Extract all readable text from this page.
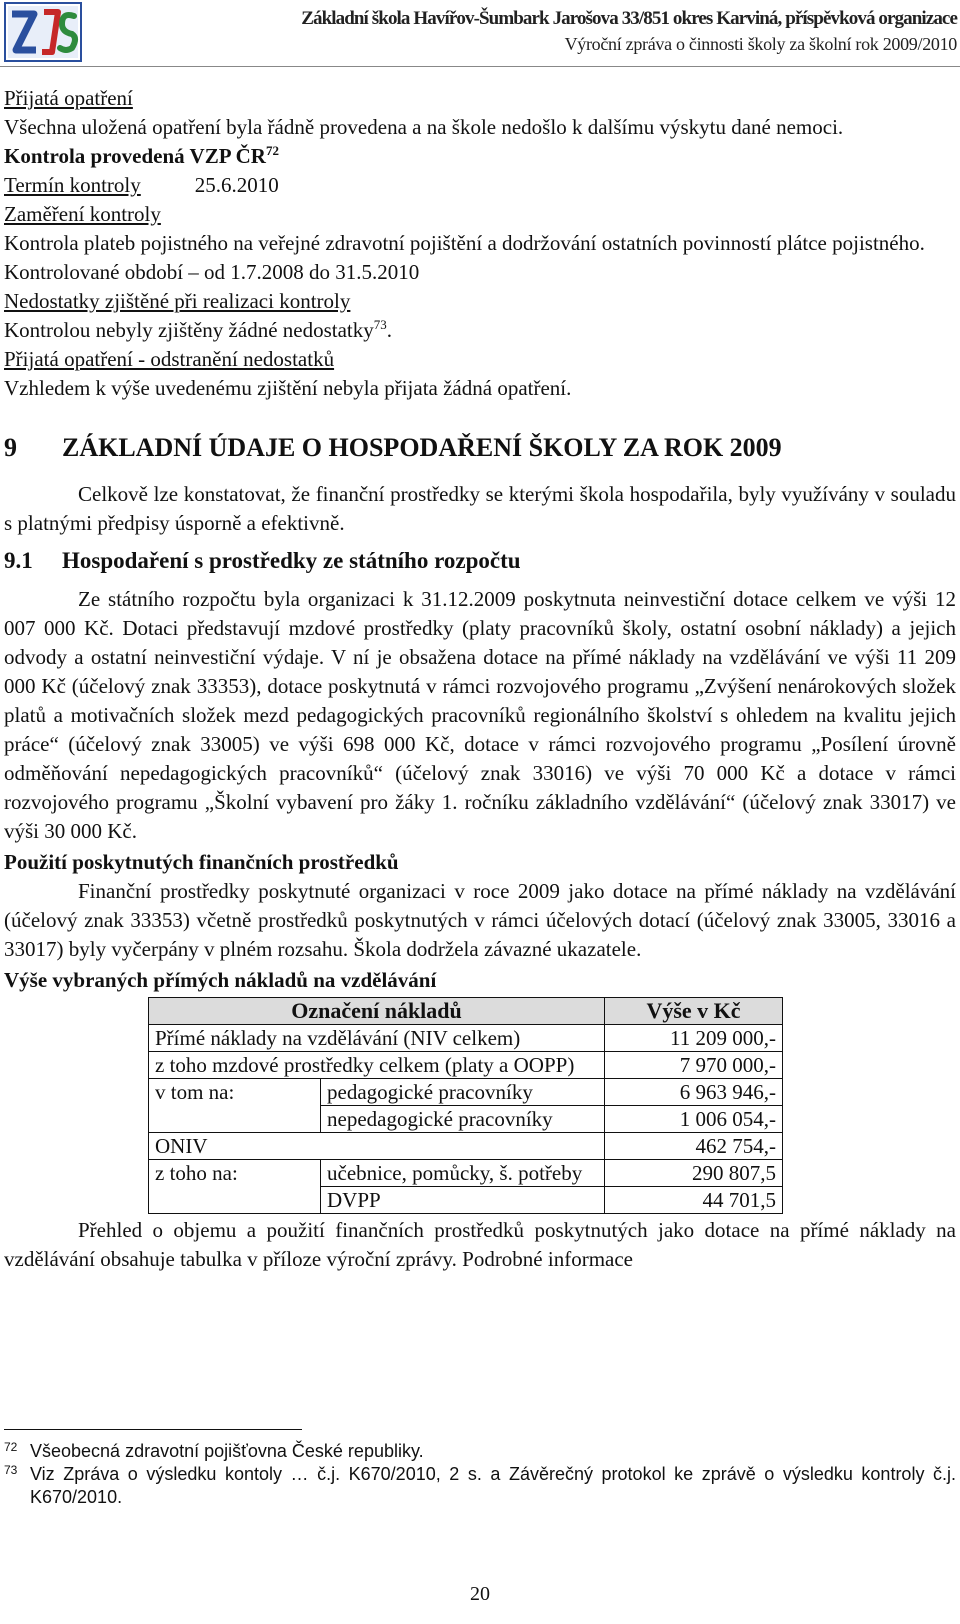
Základní škola Havířov-Šumbark Jarošova 33/851 okres Karviná, příspěvková organizace
Výroční zpráva o činnosti školy za školní rok 2009/2010

Přijatá opatření

Všechna uložená opatření byla řádně provedena a na škole nedošlo k dalšímu výskytu dané nemoci.

Kontrola provedená VZP ČR$^{72}$

Termín kontroly	25.6.2010

Zaměření kontroly

Kontrola plateb pojistného na veřejné zdravotní pojištění a dodržování ostatních povinností plátce pojistného.

Kontrolované období – od 1.7.2008 do 31.5.2010

Nedostatky zjištěné při realizaci kontroly

Kontrolou nebyly zjištěny žádné nedostatky$^{73}$.

Přijatá opatření - odstranění nedostatků

Vzhledem k výše uvedenému zjištění nebyla přijata žádná opatření.

9	ZÁKLADNÍ ÚDAJE O HOSPODAŘENÍ ŠKOLY ZA ROK 2009

Celkově lze konstatovat, že finanční prostředky se kterými škola hospodařila, byly využívány v souladu s platnými předpisy úsporně a efektivně.

9.1	Hospodaření s prostředky ze státního rozpočtu

Ze státního rozpočtu byla organizaci k 31.12.2009 poskytnuta neinvestiční dotace celkem ve výši 12 007 000 Kč. Dotaci představují mzdové prostředky (platy pracovníků školy, ostatní osobní náklady) a jejich odvody a ostatní neinvestiční výdaje. V ní je obsažena dotace na přímé náklady na vzdělávání ve výši 11 209 000 Kč (účelový znak 33353), dotace poskytnutá v rámci rozvojového programu „Zvýšení nenárokových složek platů a motivačních složek mezd pedagogických pracovníků regionálního školství s ohledem na kvalitu jejich práce“ (účelový znak 33005) ve výši 698 000 Kč, dotace v rámci rozvojového programu „Posílení úrovně odměňování nepedagogických pracovníků“ (účelový znak 33016) ve výši 70 000 Kč a dotace v rámci rozvojového programu „Školní vybavení pro žáky 1. ročníku základního vzdělávání“ (účelový znak 33017) ve výši 30 000 Kč.

Použití poskytnutých finančních prostředků

Finanční prostředky poskytnuté organizaci v roce 2009 jako dotace na přímé náklady na vzdělávání (účelový znak 33353) včetně prostředků poskytnutých v rámci účelových dotací (účelový znak 33005, 33016 a 33017) byly vyčerpány v plném rozsahu. Škola dodržela závazné ukazatele.

Výše vybraných přímých nákladů na vzdělávání

Označení nákladů		Výše v Kč
Přímé náklady na vzdělávání (NIV celkem)		11 209 000,-
z toho mzdové prostředky celkem (platy a OOPP)		7 970 000,-
v tom na:	pedagogické pracovníky	6 963 946,-
	nepedagogické pracovníky	1 006 054,-
ONIV		462 754,-
z toho na:	učebnice, pomůcky, š. potřeby	290 807,5
	DVPP	44 701,5

Přehled o objemu a použití finančních prostředků poskytnutých jako dotace na přímé náklady na vzdělávání obsahuje tabulka v příloze výroční zprávy. Podrobné informace

72 Všeobecná zdravotní pojišťovna České republiky.

73 Viz Zpráva o výsledku kontoly … č.j. K670/2010, 2 s. a Závěrečný protokol ke zprávě o výsledku kontroly č.j. K670/2010.

20
